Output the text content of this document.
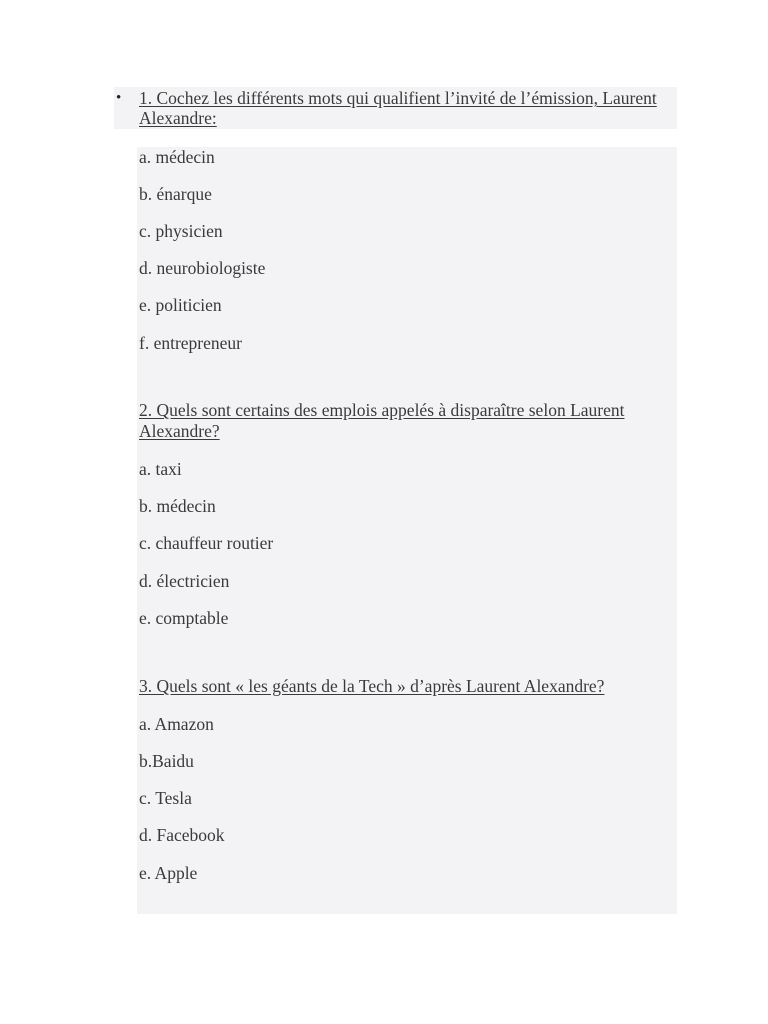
• 1. Cochez les différents mots qui qualifient l’invité de l’émission, Laurent Alexandre:
a. médecin
b. énarque
c. physicien
d. neurobiologiste
e. politicien
f. entrepreneur
2. Quels sont certains des emplois appelés à disparaître selon Laurent Alexandre?
a. taxi
b. médecin
c. chauffeur routier
d. électricien
e. comptable
3. Quels sont « les géants de la Tech » d’après Laurent Alexandre?
a. Amazon
b.Baidu
c. Tesla
d. Facebook
e. Apple
